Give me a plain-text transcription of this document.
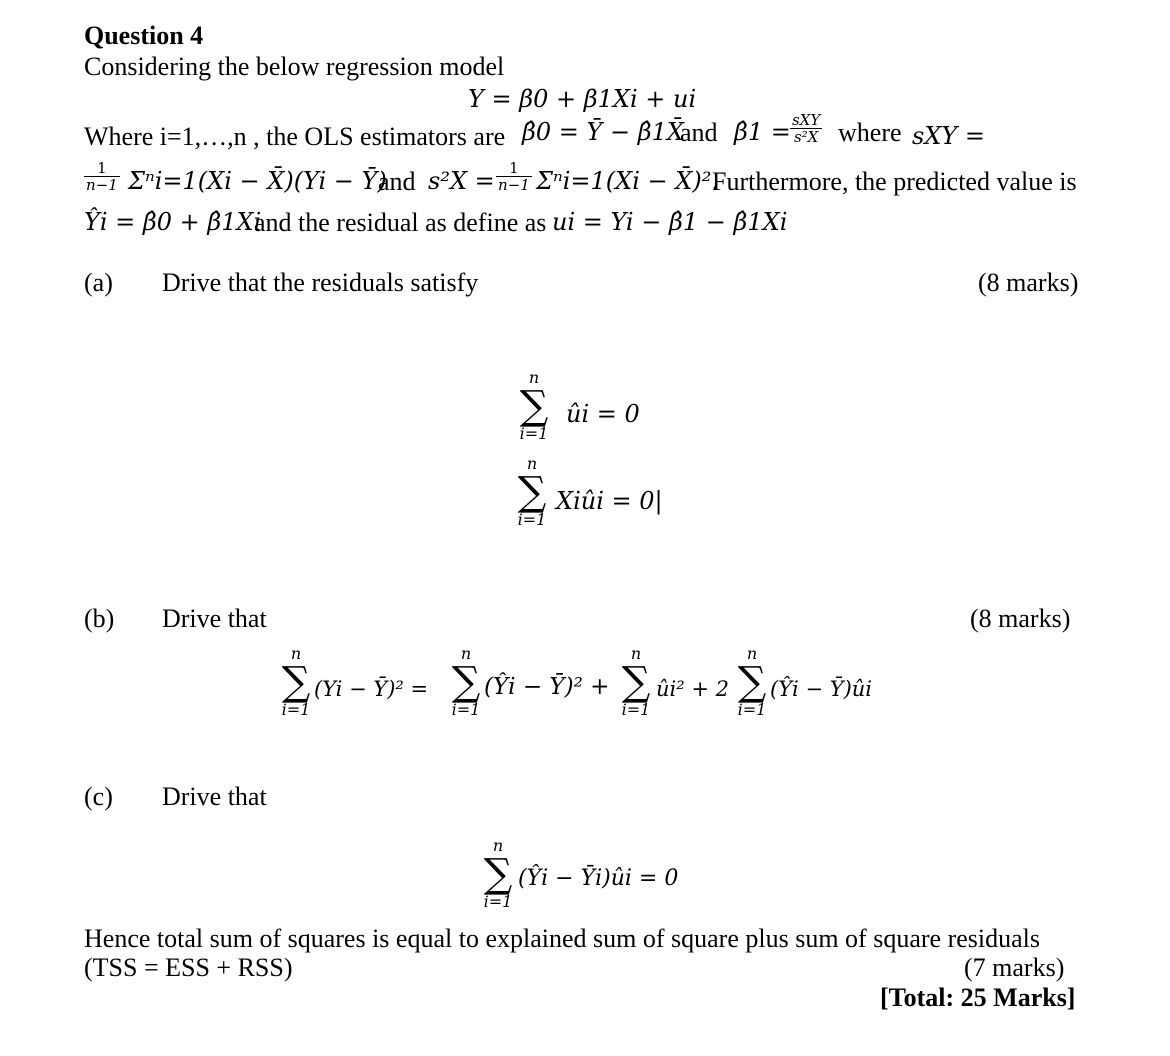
Question 4
Considering the below regression model
Y = β0 + β1Xi + ui
Where i=1,…,n , the OLS estimators are β̂0 = Ȳ − β̂1X̄
and β̂1 = $\frac{\text{sXY}}{\text{s²X}}$ where sXY =
$\frac{1}{n-1} \Sigma^ni=1(Xi$ − X̄)(Yi − Ȳ)
and $s^2X = \frac{1}{n-1} \Sigma^ni=1(Xi$ − X̄)².
Furthermore, the predicted value is
Ŷi = β̂0 + β̂1Xi
and the residual as define as ui = Yi − β̂1 − β̂1Xi
(a) Drive that the residuals satisfy	(8 marks)
n
∑
i=1
ûi = 0
n
∑
i=1
Xiûi = 0|
(b) Drive that	(8 marks)
n
∑
i=1
(Yi − Ȳ)² =
n
∑
i=1
(Ŷi − Ȳ)² +
n
∑
i=1
ûi² + 2
n
∑
i=1
(Ŷi − Ȳ)ûi
(c) Drive that
n
∑
i=1
(Ŷi − Ȳi)ûi = 0
Hence total sum of squares is equal to explained sum of square plus sum of square residuals
(TSS = ESS + RSS)	(7 marks)
[Total: 25 Marks]
